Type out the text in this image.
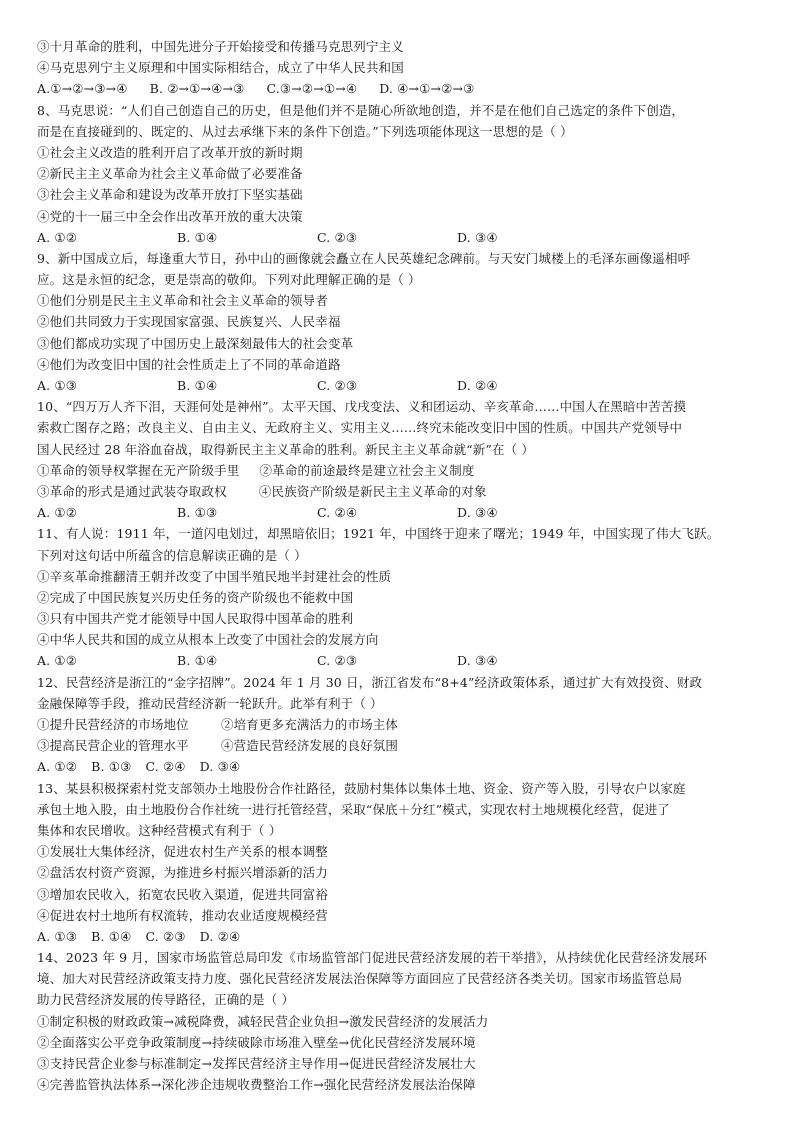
③十月革命的胜利，中国先进分子开始接受和传播马克思列宁主义
④马克思列宁主义原理和中国实际相结合，成立了中华人民共和国
A.①→②→③→④ B. ②→①→④→③ C.③→②→①→④ D. ④→①→②→③
8、马克思说：“人们自己创造自己的历史，但是他们并不是随心所欲地创造，并不是在他们自己选定的条件下创造，
而是在直接碰到的、既定的、从过去承继下来的条件下创造。”下列选项能体现这一思想的是（ ）
①社会主义改造的胜利开启了改革开放的新时期
②新民主主义革命为社会主义革命做了必要准备
③社会主义革命和建设为改革开放打下坚实基础
④党的十一届三中全会作出改革开放的重大决策
A. ①②	B. ①④	C. ②③	D. ③④
9、新中国成立后，每逢重大节日，孙中山的画像就会矗立在人民英雄纪念碑前。与天安门城楼上的毛泽东画像遥相呼
应。这是永恒的纪念，更是崇高的敬仰。下列对此理解正确的是（ ）
①他们分别是民主主义革命和社会主义革命的领导者
②他们共同致力于实现国家富强、民族复兴、人民幸福
③他们都成功实现了中国历史上最深刻最伟大的社会变革
④他们为改变旧中国的社会性质走上了不同的革命道路
A. ①③	B. ①④	C. ②③	D. ②④
10、“四万万人齐下泪，天涯何处是神州”。太平天国、戊戌变法、义和团运动、辛亥革命……中国人在黑暗中苦苦摸
索救亡图存之路；改良主义、自由主义、无政府主义、实用主义……终究未能改变旧中国的性质。中国共产党领导中
国人民经过 28 年浴血奋战，取得新民主主义革命的胜利。新民主主义革命就“新”在（ ）
①革命的领导权掌握在无产阶级手里 ②革命的前途最终是建立社会主义制度
③革命的形式是通过武装夺取政权	④民族资产阶级是新民主主义革命的对象
A. ①②	B. ①③	C. ②④	D. ③④
11、有人说：1911 年，一道闪电划过，却黑暗依旧；1921 年，中国终于迎来了曙光；1949 年，中国实现了伟大飞跃。
下列对这句话中所蕴含的信息解读正确的是（ ）
①辛亥革命推翻清王朝并改变了中国半殖民地半封建社会的性质
②完成了中国民族复兴历史任务的资产阶级也不能救中国
③只有中国共产党才能领导中国人民取得中国革命的胜利
④中华人民共和国的成立从根本上改变了中国社会的发展方向
A. ①②	B. ①④	C. ②③	D. ③④
12、民营经济是浙江的“金字招牌”。2024 年 1 月 30 日，浙江省发布“8+4”经济政策体系，通过扩大有效投资、财政
金融保障等手段，推动民营经济新一轮跃升。此举有利于（ ）
①提升民营经济的市场地位	②培育更多充满活力的市场主体
③提高民营企业的管理水平	④营造民营经济发展的良好氛围
A. ①② B. ①③ C. ②④ D. ③④
13、某县积极探索村党支部领办土地股份合作社路径，鼓励村集体以集体土地、资金、资产等入股，引导农户以家庭
承包土地入股，由土地股份合作社统一进行托管经营，采取“保底＋分红”模式，实现农村土地规模化经营，促进了
集体和农民增收。这种经营模式有利于（ ）
①发展壮大集体经济，促进农村生产关系的根本调整
②盘活农村资产资源，为推进乡村振兴增添新的活力
③增加农民收入，拓宽农民收入渠道，促进共同富裕
④促进农村土地所有权流转，推动农业适度规模经营
A. ①③ B. ①④ C. ②③ D. ②④
14、2023 年 9 月，国家市场监管总局印发《市场监管部门促进民营经济发展的若干举措》，从持续优化民营经济发展环
境、加大对民营经济政策支持力度、强化民营经济发展法治保障等方面回应了民营经济各类关切。国家市场监管总局
助力民营经济发展的传导路径，正确的是（ ）
①制定积极的财政政策→减税降费，减轻民营企业负担→激发民营经济的发展活力
②全面落实公平竞争政策制度→持续破除市场准入壁垒→优化民营经济发展环境
③支持民营企业参与标准制定→发挥民营经济主导作用→促进民营经济发展壮大
④完善监管执法体系→深化涉企违规收费整治工作→强化民营经济发展法治保障
